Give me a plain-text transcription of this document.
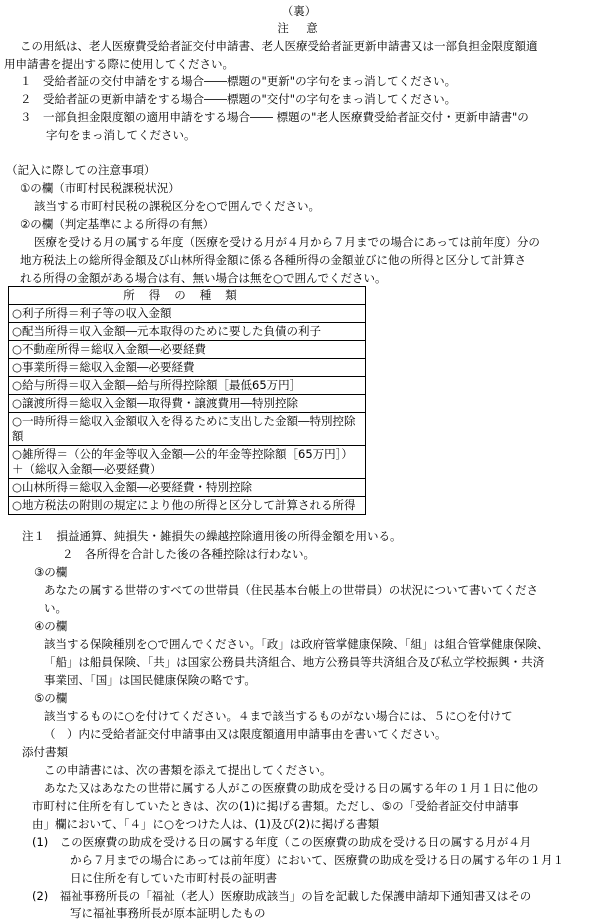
（裏）
注　意
この用紙は、老人医療費受給者証交付申請書、老人医療受給者証更新申請書又は一部負担金限度額適
用申請書を提出する際に使用してください。
１　受給者証の交付申請をする場合――標題の"更新"の字句をまっ消してください。
２　受給者証の更新申請をする場合――標題の"交付"の字句をまっ消してください。
３　一部負担金限度額の適用申請をする場合―― 標題の"老人医療費受給者証交付・更新申請書"の
字句をまっ消してください。
（記入に際しての注意事項）
①の欄（市町村民税課税状況）
該当する市町村民税の課税区分を○で囲んでください。
②の欄（判定基準による所得の有無）
医療を受ける月の属する年度（医療を受ける月が４月から７月までの場合にあっては前年度）分の
地方税法上の総所得金額及び山林所得金額に係る各種所得の金額並びに他の所得と区分して計算さ
れる所得の金額がある場合は有、無い場合は無を○で囲んでください。
所得の種類
○利子所得＝利子等の収入金額
○配当所得＝収入金額―元本取得のために要した負債の利子
○不動産所得＝総収入金額―必要経費
○事業所得＝総収入金額―必要経費
○給与所得＝収入金額―給与所得控除額［最低65万円］
○譲渡所得＝総収入金額―取得費・譲渡費用―特別控除
○一時所得＝総収入金額収入を得るために支出した金額―特別控除額
○雑所得＝（公的年金等収入金額―公的年金等控除額［65万円］）＋（総収入金額―必要経費）
○山林所得＝総収入金額―必要経費・特別控除
○地方税法の附則の規定により他の所得と区分して計算される所得
注１　損益通算、純損失・雑損失の繰越控除適用後の所得金額を用いる。
２　各所得を合計した後の各種控除は行わない。
③の欄
あなたの属する世帯のすべての世帯員（住民基本台帳上の世帯員）の状況について書いてくださ
い。
④の欄
該当する保険種別を○で囲んでください。「政」は政府管掌健康保険、「組」は組合管掌健康保険、
「船」は船員保険、「共」は国家公務員共済組合、地方公務員等共済組合及び私立学校振興・共済
事業団、「国」は国民健康保険の略です。
⑤の欄
該当するものに○を付けてください。４まで該当するものがない場合には、５に○を付けて
（　）内に受給者証交付申請事由又は限度額適用申請事由を書いてください。
添付書類
この申請書には、次の書類を添えて提出してください。
あなた又はあなたの世帯に属する人がこの医療費の助成を受ける日の属する年の１月１日に他の
市町村に住所を有していたときは、次の(1)に掲げる書類。ただし、⑤の「受給者証交付申請事
由」欄において、「４」に○をつけた人は、(1)及び(2)に掲げる書類
(1)　この医療費の助成を受ける日の属する年度（この医療費の助成を受ける日の属する月が４月
から７月までの場合にあっては前年度）において、医療費の助成を受ける日の属する年の１月１
日に住所を有していた市町村長の証明書
(2)　福祉事務所長の「福祉（老人）医療助成該当」の旨を記載した保護申請却下通知書又はその
写に福祉事務所長が原本証明したもの
